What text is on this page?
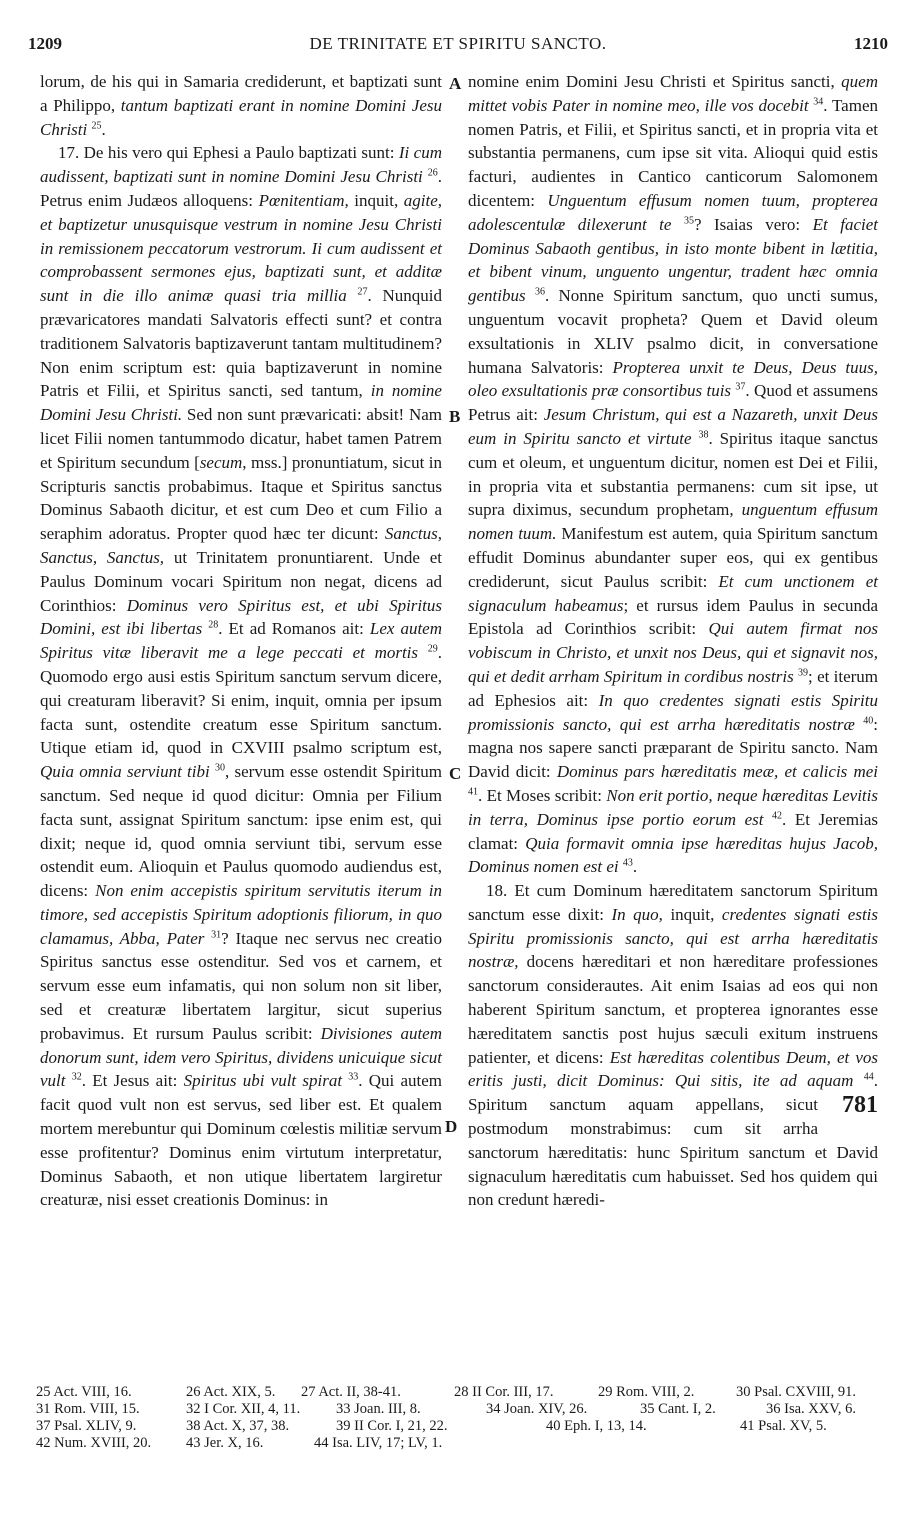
1209	DE TRINITATE ET SPIRITU SANCTO.	1210
A
B
C
D

lorum, de his qui in Samaria crediderunt, et baptizati sunt a Philippo, tantum baptizati erant in nomine Domini Jesu Christi $^{25}$.

17. De his vero qui Ephesi a Paulo baptizati sunt: Ii cum audissent, baptizati sunt in nomine Domini Jesu Christi $^{26}$. Petrus enim Judæos alloquens: Pœnitentiam, inquit, agite, et baptizetur unusquisque vestrum in nomine Jesu Christi in remissionem peccatorum vestrorum. Ii cum audissent et comprobassent sermones ejus, baptizati sunt, et additæ sunt in die illo animæ quasi tria millia $^{27}$. Nunquid prævaricatores mandati Salvatoris effecti sunt? et contra traditionem Salvatoris baptizaverunt tantam multitudinem? Non enim scriptum est: quia baptizaverunt in nomine Patris et Filii, et Spiritus sancti, sed tantum, in nomine Domini Jesu Christi. Sed non sunt prævaricati: absit! Nam licet Filii nomen tantummodo dicatur, habet tamen Patrem et Spiritum secundum [secum, mss.] pronuntiatum, sicut in Scripturis sanctis probabimus. Itaque et Spiritus sanctus Dominus Sabaoth dicitur, et est cum Deo et cum Filio a seraphim adoratus. Propter quod hæc ter dicunt: Sanctus, Sanctus, Sanctus, ut Trinitatem pronuntiarent. Unde et Paulus Dominum vocari Spiritum non negat, dicens ad Corinthios: Dominus vero Spiritus est, et ubi Spiritus Domini, est ibi libertas $^{28}$. Et ad Romanos ait: Lex autem Spiritus vitæ liberavit me a lege peccati et mortis $^{29}$. Quomodo ergo ausi estis Spiritum sanctum servum dicere, qui creaturam liberavit? Si enim, inquit, omnia per ipsum facta sunt, ostendite creatum esse Spiritum sanctum. Utique etiam id, quod in CXVIII psalmo scriptum est, Quia omnia serviunt tibi $^{30}$, servum esse ostendit Spiritum sanctum. Sed neque id quod dicitur: Omnia per Filium facta sunt, assignat Spiritum sanctum: ipse enim est, qui dixit; neque id, quod omnia serviunt tibi, servum esse ostendit eum. Alioquin et Paulus quomodo audiendus est, dicens: Non enim accepistis spiritum servitutis iterum in timore, sed accepistis Spiritum adoptionis filiorum, in quo clamamus, Abba, Pater $^{31}$? Itaque nec servus nec creatio Spiritus sanctus esse ostenditur. Sed vos et carnem, et servum esse eum infamatis, qui non solum non sit liber, sed et creaturæ libertatem largitur, sicut superius probavimus. Et rursum Paulus scribit: Divisiones autem donorum sunt, idem vero Spiritus, dividens unicuique sicut vult $^{32}$. Et Jesus ait: Spiritus ubi vult spirat $^{33}$. Qui autem facit quod vult non est servus, sed liber est. Et qualem mortem merebuntur qui Dominum cœlestis militiæ servum esse profitentur? Dominus enim virtutum interpretatur, Dominus Sabaoth, et non utique libertatem largiretur creaturæ, nisi esset creationis Dominus: in

nomine enim Domini Jesu Christi et Spiritus sancti, quem mittet vobis Pater in nomine meo, ille vos docebit $^{34}$. Tamen nomen Patris, et Filii, et Spiritus sancti, et in propria vita et substantia permanens, cum ipse sit vita. Alioqui quid estis facturi, audientes in Cantico canticorum Salomonem dicentem: Unguentum effusum nomen tuum, propterea adolescentulæ dilexerunt te $^{35}$? Isaias vero: Et faciet Dominus Sabaoth gentibus, in isto monte bibent in lætitia, et bibent vinum, unguento ungentur, tradent hæc omnia gentibus $^{36}$. Nonne Spiritum sanctum, quo uncti sumus, unguentum vocavit propheta? Quem et David oleum exsultationis in XLIV psalmo dicit, in conversatione humana Salvatoris: Propterea unxit te Deus, Deus tuus, oleo exsultationis præ consortibus tuis $^{37}$. Quod et assumens Petrus ait: Jesum Christum, qui est a Nazareth, unxit Deus eum in Spiritu sancto et virtute $^{38}$. Spiritus itaque sanctus cum et oleum, et unguentum dicitur, nomen est Dei et Filii, in propria vita et substantia permanens: cum sit ipse, ut supra diximus, secundum prophetam, unguentum effusum nomen tuum. Manifestum est autem, quia Spiritum sanctum effudit Dominus abundanter super eos, qui ex gentibus crediderunt, sicut Paulus scribit: Et cum unctionem et signaculum habeamus; et rursus idem Paulus in secunda Epistola ad Corinthios scribit: Qui autem firmat nos vobiscum in Christo, et unxit nos Deus, qui et signavit nos, qui et dedit arrham Spiritum in cordibus nostris $^{39}$; et iterum ad Ephesios ait: In quo credentes signati estis Spiritu promissionis sancto, qui est arrha hæreditatis nostræ $^{40}$: magna nos sapere sancti præparant de Spiritu sancto. Nam David dicit: Dominus pars hæreditatis meæ, et calicis mei $^{41}$. Et Moses scribit: Non erit portio, neque hæreditas Levitis in terra, Dominus ipse portio eorum est $^{42}$. Et Jeremias clamat: Quia formavit omnia ipse hæreditas hujus Jacob, Dominus nomen est ei $^{43}$.

18. Et cum Dominum hæreditatem sanctorum Spiritum sanctum esse dixit: In quo, inquit, credentes signati estis Spiritu promissionis sancto, qui est arrha hæreditatis nostræ, docens hæreditari et non hæreditare professiones sanctorum considerautes. Ait enim Isaias ad eos qui non haberent Spiritum sanctum, et propterea ignorantes esse hæreditatem sanctis post hujus sæculi exitum instruens patienter, et dicens: Est hæreditas colentibus Deum, et vos eritis justi, dicit Dominus: Qui sitis, ite ad aquam $^{44}$. Spiritum sanctum aquam	781
appellans, sicut postmodum monstrabimus: cum sit arrha sanctorum hæreditatis: hunc Spiritum sanctum et David signaculum hæreditatis cum habuisset. Sed hos quidem qui non credunt hæredi-

25 Act. VIII, 16.	26 Act. XIX, 5. 27 Act. II, 38-41.	28 II Cor. III, 17.	29 Rom. VIII, 2.	30 Psal. CXVIII, 91.
31 Rom. VIII, 15.	32 I Cor. XII, 4, 11. 33 Joan. III, 8.	34 Joan. XIV, 26.	35 Cant. I, 2.	36 Isa. XXV, 6.
37 Psal. XLIV, 9.	38 Act. X, 37, 38.	39 II Cor. I, 21, 22.	40 Eph. I, 13, 14.	41 Psal. XV, 5.
42 Num. XVIII, 20. 43 Jer. X, 16.	44 Isa. LIV, 17; LV, 1.
